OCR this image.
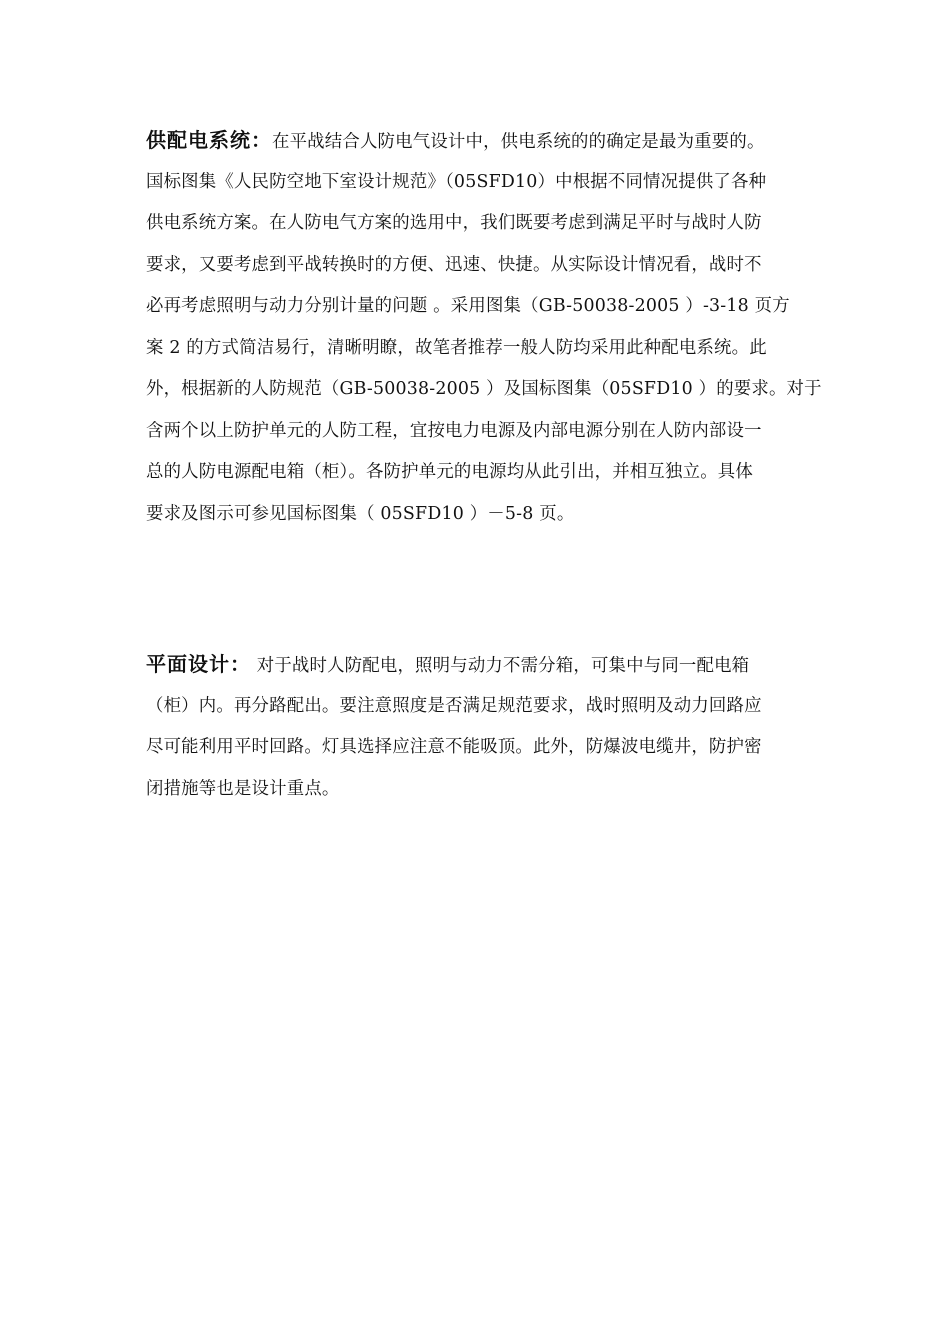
供配电系统：在平战结合人防电气设计中，供电系统的的确定是最为重要的。
国标图集《人民防空地下室设计规范》（05SFD10）中根据不同情况提供了各种
供电系统方案。在人防电气方案的选用中，我们既要考虑到满足平时与战时人防
要求，又要考虑到平战转换时的方便、迅速、快捷。从实际设计情况看，战时不
必再考虑照明与动力分别计量的问题 。采用图集（GB-50038-2005 ）-3-18 页方
案 2 的方式简洁易行，清晰明瞭，故笔者推荐一般人防均采用此种配电系统。此
外，根据新的人防规范（GB-50038-2005 ）及国标图集（05SFD10 ）的要求。对于
含两个以上防护单元的人防工程，宜按电力电源及内部电源分别在人防内部设一
总的人防电源配电箱（柜）。各防护单元的电源均从此引出，并相互独立。具体
要求及图示可参见国标图集（ 05SFD10 ）－5-8 页。
平面设计： 对于战时人防配电，照明与动力不需分箱，可集中与同一配电箱
（柜）内。再分路配出。要注意照度是否满足规范要求，战时照明及动力回路应
尽可能利用平时回路。灯具选择应注意不能吸顶。此外，防爆波电缆井，防护密
闭措施等也是设计重点。
